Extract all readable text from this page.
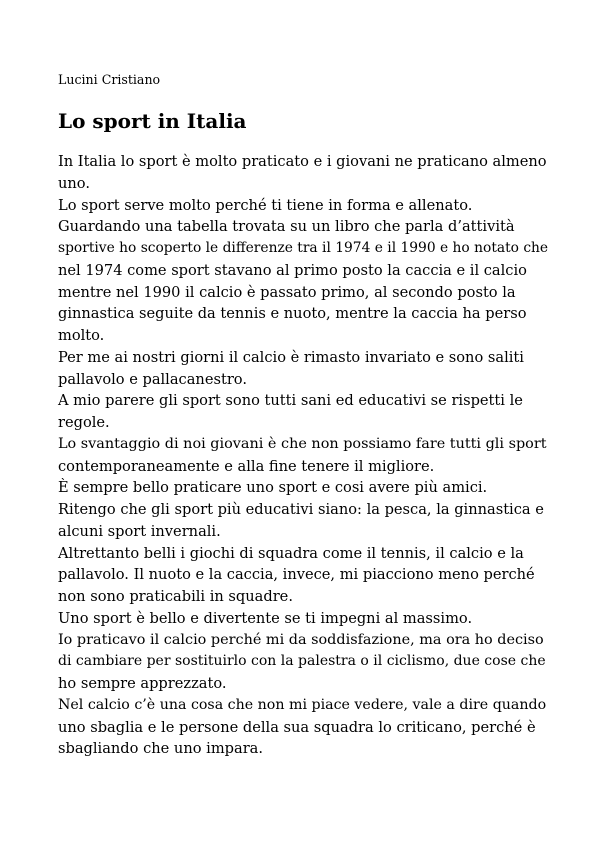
Lucini Cristiano
Lo sport in Italia
In Italia lo sport è molto praticato e i giovani ne praticano almeno
uno.
Lo sport serve molto perché ti tiene in forma e allenato.
Guardando una tabella trovata su un libro che parla d’attività
sportive ho scoperto le differenze tra il 1974 e il 1990 e ho notato che
nel 1974 come sport stavano al primo posto la caccia e il calcio
mentre nel 1990 il calcio è passato primo, al secondo posto la
ginnastica seguite da tennis e nuoto, mentre la caccia ha perso
molto.
Per me ai nostri giorni il calcio è rimasto invariato e sono saliti
pallavolo e pallacanestro.
A mio parere gli sport sono tutti sani ed educativi se rispetti le
regole.
Lo svantaggio di noi giovani è che non possiamo fare tutti gli sport
contemporaneamente e alla fine tenere il migliore.
È sempre bello praticare uno sport e cosi avere più amici.
Ritengo che gli sport più educativi siano: la pesca, la ginnastica e
alcuni sport invernali.
Altrettanto belli i giochi di squadra come il tennis, il calcio e la
pallavolo. Il nuoto e la caccia, invece, mi piacciono meno perché
non sono praticabili in squadre.
Uno sport è bello e divertente se ti impegni al massimo.
Io praticavo il calcio perché mi da soddisfazione, ma ora ho deciso
di cambiare per sostituirlo con la palestra o il ciclismo, due cose che
ho sempre apprezzato.
Nel calcio c’è una cosa che non mi piace vedere, vale a dire quando
uno sbaglia e le persone della sua squadra lo criticano, perché è
sbagliando che uno impara.
